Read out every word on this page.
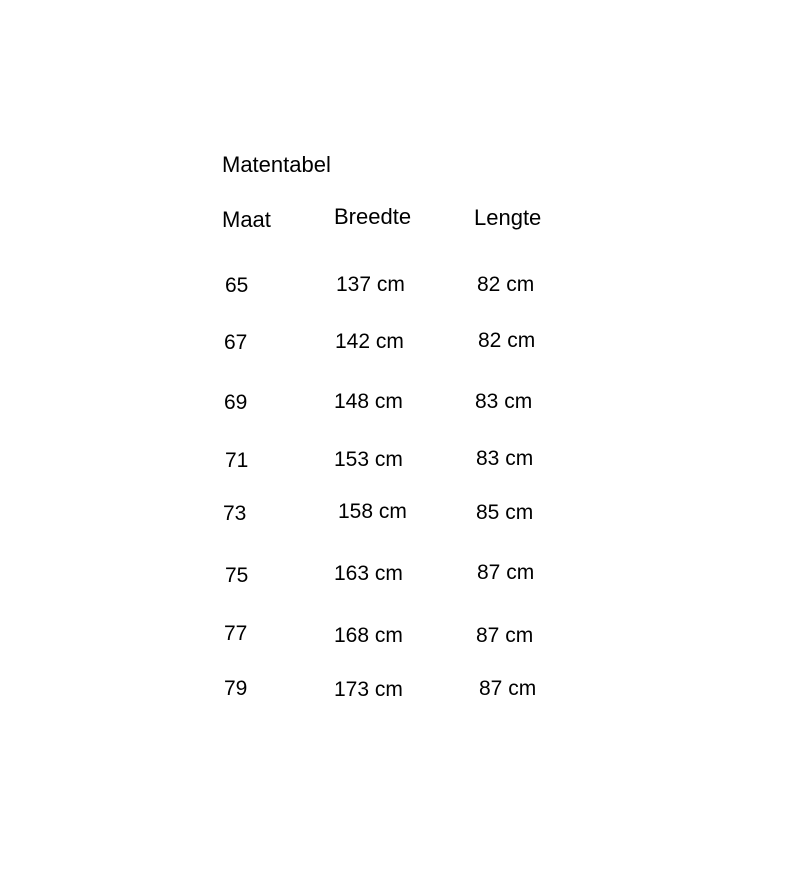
Matentabel
Maat	Breedte	Lengte
65	137 cm	82 cm
67	142 cm	82 cm
69	148 cm	83 cm
71	153 cm	83 cm
73	158 cm	85 cm
75	163 cm	87 cm
77	168 cm	87 cm
79	173 cm	87 cm
